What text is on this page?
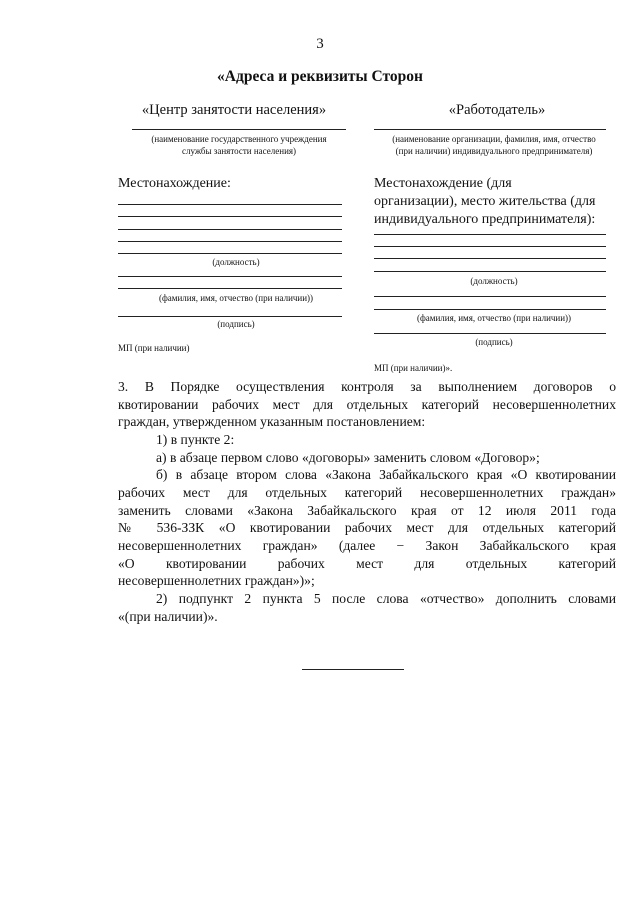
3
«Адреса и реквизиты Сторон
«Центр занятости населения»
(наименование государственного учреждения
службы занятости населения)
Местонахождение:
(должность)
(фамилия, имя, отчество (при наличии))
(подпись)
МП (при наличии)
«Работодатель»
(наименование организации, фамилия, имя, отчество
(при наличии) индивидуального предпринимателя)
Местонахождение (для
организации), место жительства (для
индивидуального предпринимателя):
(должность)
(фамилия, имя, отчество (при наличии))
(подпись)
МП (при наличии)».
3. В Порядке осуществления контроля за выполнением договоров о
квотировании рабочих мест для отдельных категорий несовершеннолетних
граждан, утвержденном указанным постановлением:
1) в пункте 2:
а) в абзаце первом слово «договоры» заменить словом «Договор»;
б) в абзаце втором слова «Закона Забайкальского края «О квотировании
рабочих мест для отдельных категорий несовершеннолетних граждан»
заменить словами «Закона Забайкальского края от 12 июля 2011 года
№ 536-ЗЗК «О квотировании рабочих мест для отдельных категорий
несовершеннолетних граждан» (далее − Закон Забайкальского края
«О квотировании рабочих мест для отдельных категорий
несовершеннолетних граждан»)»;
2) подпункт 2 пункта 5 после слова «отчество» дополнить словами
«(при наличии)».
